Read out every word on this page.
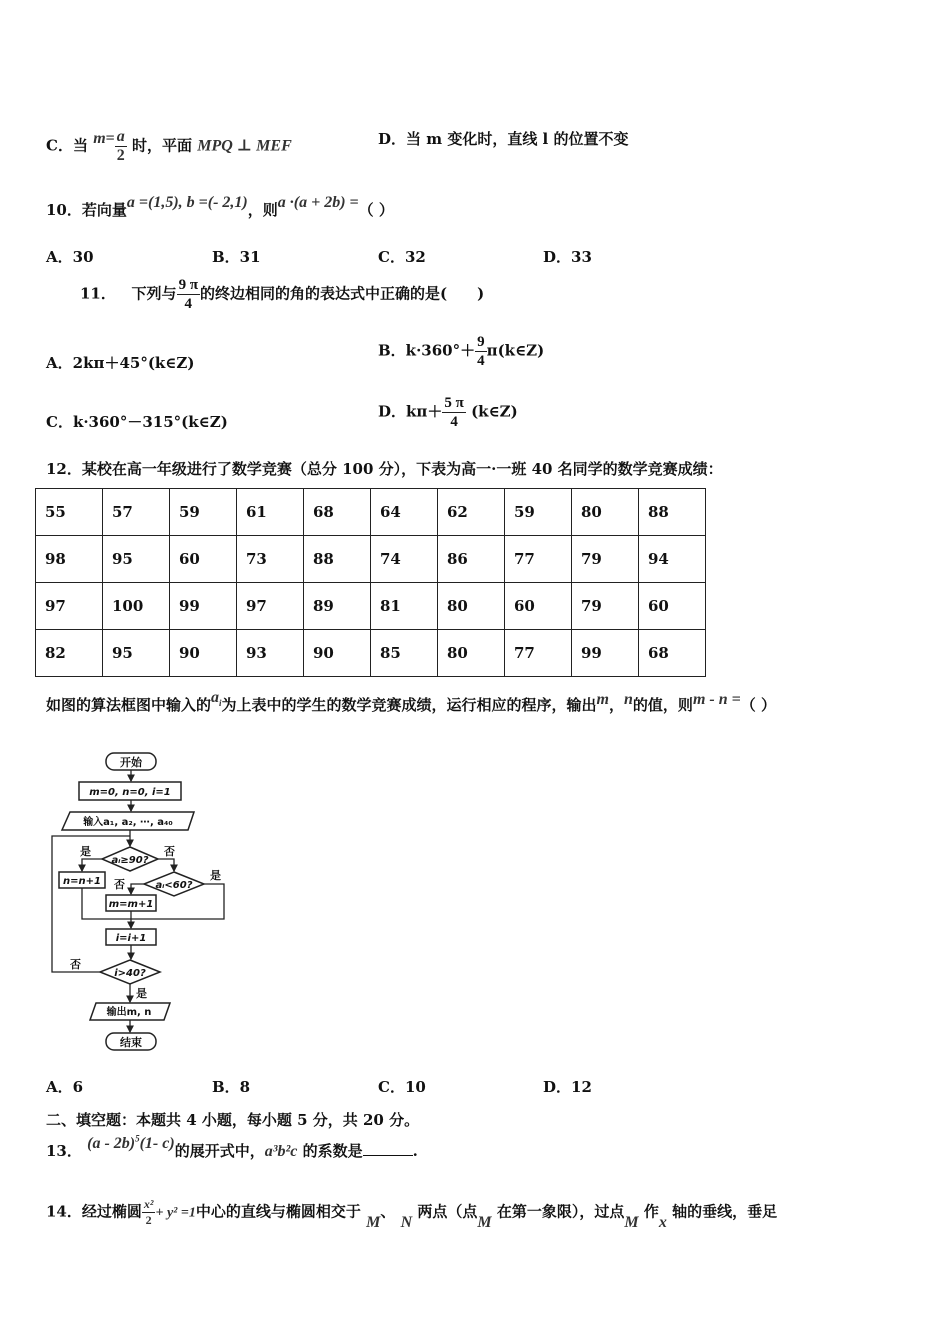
C．当 $m= \frac{a}{2}$ 时，平面 MPQ ⊥ MEF	D．当 m 变化时，直线 l 的位置不变
10．若向量a =(1,5), b =(- 2,1)，则a ·(a + 2b) =（ ）
A．30	B．31	C．32	D．33
11． 下列与 $\frac{9 \pi}{4}$ 的终边相同的角的表达式中正确的是(　　)
A．2kπ＋45°(k∈Z)
B．$k\cdot 360^\circ+ \frac{9}{4}$ π(k∈Z)
C．k·360°－315°(k∈Z)
D．$k\pi+ \frac{5 \pi}{4}$ (k∈Z)
12．某校在高一年级进行了数学竞赛（总分 100 分），下表为高一·一班 40 名同学的数学竞赛成绩：
55	57	59	61	68	64	62	59	80	88
98	95	60	73	88	74	86	77	79	94
97	100	99	97	89	81	80	60	79	60
82	95	90	93	90	85	80	77	99	68
如图的算法框图中输入的$a_i$为上表中的学生的数学竞赛成绩，运行相应的程序，输出m，n的值，则m - n =（ ）
开始
m=0, n=0, i=1
输入a₁, a₂, ⋯, a₄₀
aᵢ≥90?
n=n+1	aᵢ<60?
m=m+1
i=i+1
i>40?
输出m, n
结束
是	否
否
是
否
是
A．6	B．8	C．10	D．12
二、填空题：本题共 4 小题，每小题 5 分，共 20 分。
13． (a - 2b)$^5$(1- c)的展开式中，a³b²c 的系数是	.
14．经过椭圆 $\frac{\text{x²}}{2} + y^2 =1$中心的直线与椭圆相交于 M、 N 两点（点M 在第一象限），过点M 作x 轴的垂线，垂足
